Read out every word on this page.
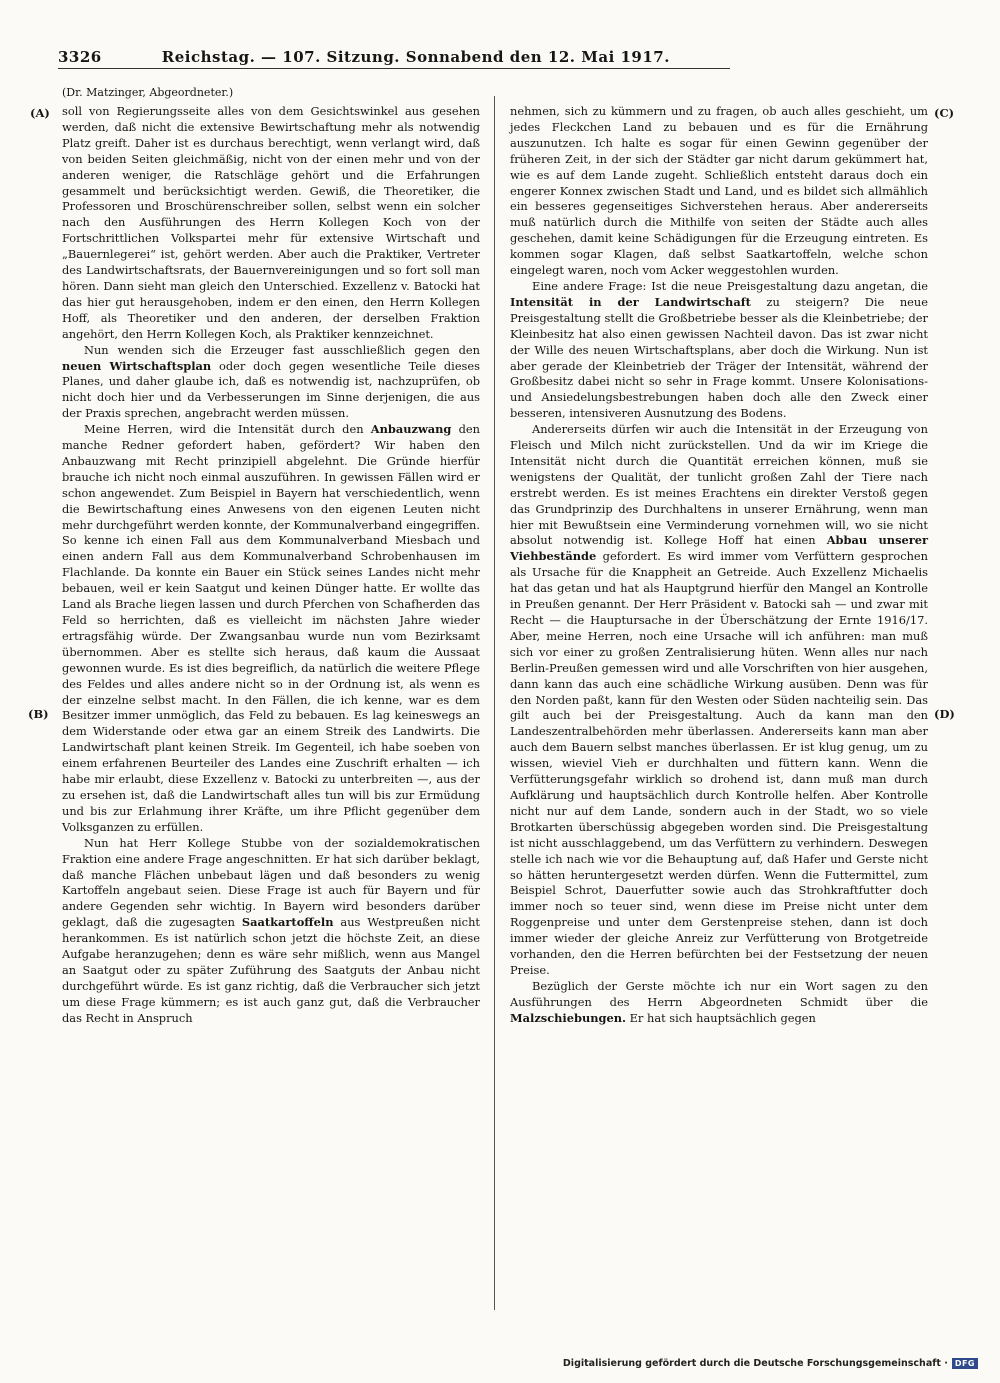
3326	Reichstag. — 107. Sitzung. Sonnabend den 12. Mai 1917.
(Dr. Matzinger, Abgeordneter.)
(A)
(B)
(C)
(D)

soll von Regierungsseite alles von dem Gesichtswinkel aus gesehen werden, daß nicht die extensive Bewirtschaftung mehr als notwendig Platz greift. Daher ist es durchaus berechtigt, wenn verlangt wird, daß von beiden Seiten gleichmäßig, nicht von der einen mehr und von der anderen weniger, die Ratschläge gehört und die Erfahrungen gesammelt und berücksichtigt werden. Gewiß, die Theoretiker, die Professoren und Broschürenschreiber sollen, selbst wenn ein solcher nach den Ausführungen des Herrn Kollegen Koch von der Fortschrittlichen Volkspartei mehr für extensive Wirtschaft und „Bauernlegerei“ ist, gehört werden. Aber auch die Praktiker, Vertreter des Landwirtschaftsrats, der Bauernvereinigungen und so fort soll man hören. Dann sieht man gleich den Unterschied. Exzellenz v. Batocki hat das hier gut herausgehoben, indem er den einen, den Herrn Kollegen Hoff, als Theoretiker und den anderen, der derselben Fraktion angehört, den Herrn Kollegen Koch, als Praktiker kennzeichnet.

Nun wenden sich die Erzeuger fast ausschließlich gegen den neuen Wirtschaftsplan oder doch gegen wesentliche Teile dieses Planes, und daher glaube ich, daß es notwendig ist, nachzuprüfen, ob nicht doch hier und da Verbesserungen im Sinne derjenigen, die aus der Praxis sprechen, angebracht werden müssen.

Meine Herren, wird die Intensität durch den Anbauzwang den manche Redner gefordert haben, gefördert? Wir haben den Anbauzwang mit Recht prinzipiell abgelehnt. Die Gründe hierfür brauche ich nicht noch einmal auszuführen. In gewissen Fällen wird er schon angewendet. Zum Beispiel in Bayern hat verschiedentlich, wenn die Bewirtschaftung eines Anwesens von den eigenen Leuten nicht mehr durchgeführt werden konnte, der Kommunalverband eingegriffen. So kenne ich einen Fall aus dem Kommunalverband Miesbach und einen andern Fall aus dem Kommunalverband Schrobenhausen im Flachlande. Da konnte ein Bauer ein Stück seines Landes nicht mehr bebauen, weil er kein Saatgut und keinen Dünger hatte. Er wollte das Land als Brache liegen lassen und durch Pferchen von Schafherden das Feld so herrichten, daß es vielleicht im nächsten Jahre wieder ertragsfähig würde. Der Zwangsanbau wurde nun vom Bezirksamt übernommen. Aber es stellte sich heraus, daß kaum die Aussaat gewonnen wurde. Es ist dies begreiflich, da natürlich die weitere Pflege des Feldes und alles andere nicht so in der Ordnung ist, als wenn es der einzelne selbst macht. In den Fällen, die ich kenne, war es dem Besitzer immer unmöglich, das Feld zu bebauen. Es lag keineswegs an dem Widerstande oder etwa gar an einem Streik des Landwirts. Die Landwirtschaft plant keinen Streik. Im Gegenteil, ich habe soeben von einem erfahrenen Beurteiler des Landes eine Zuschrift erhalten — ich habe mir erlaubt, diese Exzellenz v. Batocki zu unterbreiten —, aus der zu ersehen ist, daß die Landwirtschaft alles tun will bis zur Ermüdung und bis zur Erlahmung ihrer Kräfte, um ihre Pflicht gegenüber dem Volksganzen zu erfüllen.

Nun hat Herr Kollege Stubbe von der sozialdemokratischen Fraktion eine andere Frage angeschnitten. Er hat sich darüber beklagt, daß manche Flächen unbebaut lägen und daß besonders zu wenig Kartoffeln angebaut seien. Diese Frage ist auch für Bayern und für andere Gegenden sehr wichtig. In Bayern wird besonders darüber geklagt, daß die zugesagten Saatkartoffeln aus Westpreußen nicht herankommen. Es ist natürlich schon jetzt die höchste Zeit, an diese Aufgabe heranzugehen; denn es wäre sehr mißlich, wenn aus Mangel an Saatgut oder zu später Zuführung des Saatguts der Anbau nicht durchgeführt würde. Es ist ganz richtig, daß die Verbraucher sich jetzt um diese Frage kümmern; es ist auch ganz gut, daß die Verbraucher das Recht in Anspruch

nehmen, sich zu kümmern und zu fragen, ob auch alles geschieht, um jedes Fleckchen Land zu bebauen und es für die Ernährung auszunutzen. Ich halte es sogar für einen Gewinn gegenüber der früheren Zeit, in der sich der Städter gar nicht darum gekümmert hat, wie es auf dem Lande zugeht. Schließlich entsteht daraus doch ein engerer Konnex zwischen Stadt und Land, und es bildet sich allmählich ein besseres gegenseitiges Sichverstehen heraus. Aber andererseits muß natürlich durch die Mithilfe von seiten der Städte auch alles geschehen, damit keine Schädigungen für die Erzeugung eintreten. Es kommen sogar Klagen, daß selbst Saatkartoffeln, welche schon eingelegt waren, noch vom Acker weggestohlen wurden.

Eine andere Frage: Ist die neue Preisgestaltung dazu angetan, die Intensität in der Landwirtschaft zu steigern? Die neue Preisgestaltung stellt die Großbetriebe besser als die Kleinbetriebe; der Kleinbesitz hat also einen gewissen Nachteil davon. Das ist zwar nicht der Wille des neuen Wirtschaftsplans, aber doch die Wirkung. Nun ist aber gerade der Kleinbetrieb der Träger der Intensität, während der Großbesitz dabei nicht so sehr in Frage kommt. Unsere Kolonisations- und Ansiedelungsbestrebungen haben doch alle den Zweck einer besseren, intensiveren Ausnutzung des Bodens.

Andererseits dürfen wir auch die Intensität in der Erzeugung von Fleisch und Milch nicht zurückstellen. Und da wir im Kriege die Intensität nicht durch die Quantität erreichen können, muß sie wenigstens der Qualität, der tunlicht großen Zahl der Tiere nach erstrebt werden. Es ist meines Erachtens ein direkter Verstoß gegen das Grundprinzip des Durchhaltens in unserer Ernährung, wenn man hier mit Bewußtsein eine Verminderung vornehmen will, wo sie nicht absolut notwendig ist. Kollege Hoff hat einen Abbau unserer Viehbestände gefordert. Es wird immer vom Verfüttern gesprochen als Ursache für die Knappheit an Getreide. Auch Exzellenz Michaelis hat das getan und hat als Hauptgrund hierfür den Mangel an Kontrolle in Preußen genannt. Der Herr Präsident v. Batocki sah — und zwar mit Recht — die Hauptursache in der Überschätzung der Ernte 1916/17. Aber, meine Herren, noch eine Ursache will ich anführen: man muß sich vor einer zu großen Zentralisierung hüten. Wenn alles nur nach Berlin-Preußen gemessen wird und alle Vorschriften von hier ausgehen, dann kann das auch eine schädliche Wirkung ausüben. Denn was für den Norden paßt, kann für den Westen oder Süden nachteilig sein. Das gilt auch bei der Preisgestaltung. Auch da kann man den Landeszentralbehörden mehr überlassen. Andererseits kann man aber auch dem Bauern selbst manches überlassen. Er ist klug genug, um zu wissen, wieviel Vieh er durchhalten und füttern kann. Wenn die Verfütterungsgefahr wirklich so drohend ist, dann muß man durch Aufklärung und hauptsächlich durch Kontrolle helfen. Aber Kontrolle nicht nur auf dem Lande, sondern auch in der Stadt, wo so viele Brotkarten überschüssig abgegeben worden sind. Die Preisgestaltung ist nicht ausschlaggebend, um das Verfüttern zu verhindern. Deswegen stelle ich nach wie vor die Behauptung auf, daß Hafer und Gerste nicht so hätten heruntergesetzt werden dürfen. Wenn die Futtermittel, zum Beispiel Schrot, Dauerfutter sowie auch das Strohkraftfutter doch immer noch so teuer sind, wenn diese im Preise nicht unter dem Roggenpreise und unter dem Gerstenpreise stehen, dann ist doch immer wieder der gleiche Anreiz zur Verfütterung von Brotgetreide vorhanden, den die Herren befürchten bei der Festsetzung der neuen Preise.

Bezüglich der Gerste möchte ich nur ein Wort sagen zu den Ausführungen des Herrn Abgeordneten Schmidt über die Malzschiebungen. Er hat sich hauptsächlich gegen

Digitalisierung gefördert durch die Deutsche Forschungsgemeinschaft · DFG
